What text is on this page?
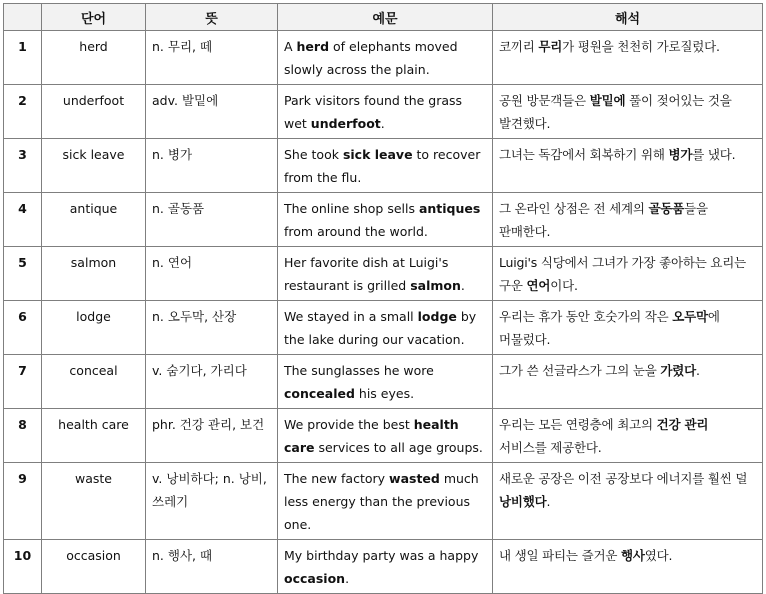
	단어	뜻	예문	해석
1	herd	n. 무리, 떼	A herd of elephants moved slowly across the plain.	코끼리 무리가 평원을 천천히 가로질렀다.
2	underfoot	adv. 발밑에	Park visitors found the grass wet underfoot.	공원 방문객들은 발밑에 풀이 젖어있는 것을 발견했다.
3	sick leave	n. 병가	She took sick leave to recover from the flu.	그녀는 독감에서 회복하기 위해 병가를 냈다.
4	antique	n. 골동품	The online shop sells antiques from around the world.	그 온라인 상점은 전 세계의 골동품들을 판매한다.
5	salmon	n. 연어	Her favorite dish at Luigi's restaurant is grilled salmon.	Luigi's 식당에서 그녀가 가장 좋아하는 요리는 구운 연어이다.
6	lodge	n. 오두막, 산장	We stayed in a small lodge by the lake during our vacation.	우리는 휴가 동안 호숫가의 작은 오두막에 머물렀다.
7	conceal	v. 숨기다, 가리다	The sunglasses he wore concealed his eyes.	그가 쓴 선글라스가 그의 눈을 가렸다.
8	health care	phr. 건강 관리, 보건	We provide the best health care services to all age groups.	우리는 모든 연령층에 최고의 건강 관리 서비스를 제공한다.
9	waste	v. 낭비하다; n. 낭비, 쓰레기	The new factory wasted much less energy than the previous one.	새로운 공장은 이전 공장보다 에너지를 훨씬 덜 낭비했다.
10	occasion	n. 행사, 때	My birthday party was a happy occasion.	내 생일 파티는 즐거운 행사였다.
